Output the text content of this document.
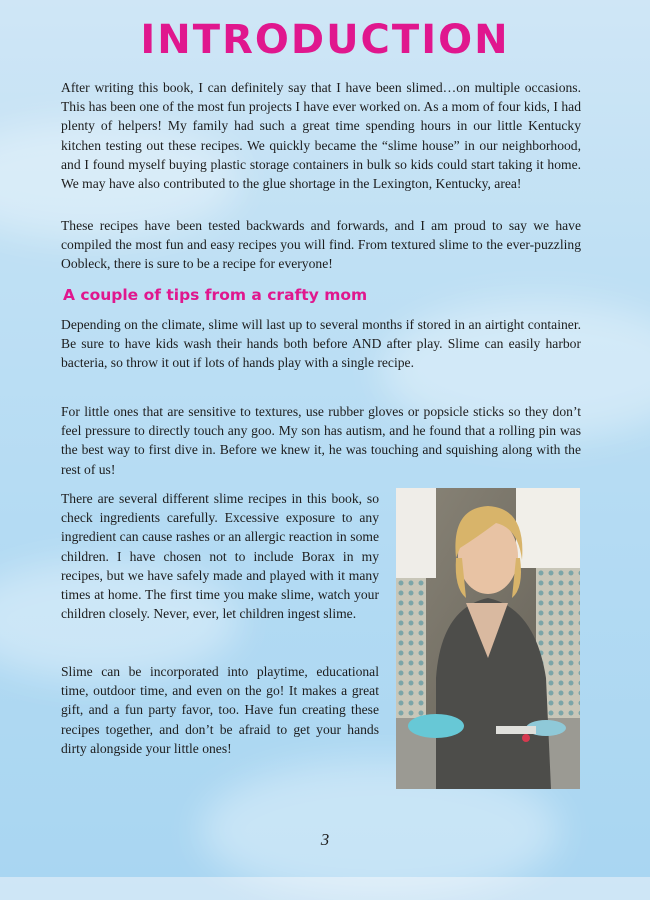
INTRODUCTION

After writing this book, I can definitely say that I have been slimed…on multiple occasions. This has been one of the most fun projects I have ever worked on. As a mom of four kids, I had plenty of helpers! My family had such a great time spending hours in our little Kentucky kitchen testing out these recipes. We quickly became the “slime house” in our neighborhood, and I found myself buying plastic storage containers in bulk so kids could start taking it home. We may have also contributed to the glue shortage in the Lexington, Kentucky, area!

These recipes have been tested backwards and forwards, and I am proud to say we have compiled the most fun and easy recipes you will find. From textured slime to the ever-puzzling Oobleck, there is sure to be a recipe for everyone!

A couple of tips from a crafty mom

Depending on the climate, slime will last up to several months if stored in an airtight container. Be sure to have kids wash their hands both before AND after play. Slime can easily harbor bacteria, so throw it out if lots of hands play with a single recipe.

For little ones that are sensitive to textures, use rubber gloves or popsicle sticks so they don’t feel pressure to directly touch any goo. My son has autism, and he found that a rolling pin was the best way to first dive in. Before we knew it, he was touching and squishing along with the rest of us!

There are several different slime recipes in this book, so check ingredients carefully. Excessive exposure to any ingredient can cause rashes or an allergic reaction in some children. I have chosen not to include Borax in my recipes, but we have safely made and played with it many times at home. The first time you make slime, watch your children closely. Never, ever, let children ingest slime.

Slime can be incorporated into playtime, educational time, outdoor time, and even on the go! It makes a great gift, and a fun party favor, too. Have fun creating these recipes together, and don’t be afraid to get your hands dirty alongside your little ones!

3
